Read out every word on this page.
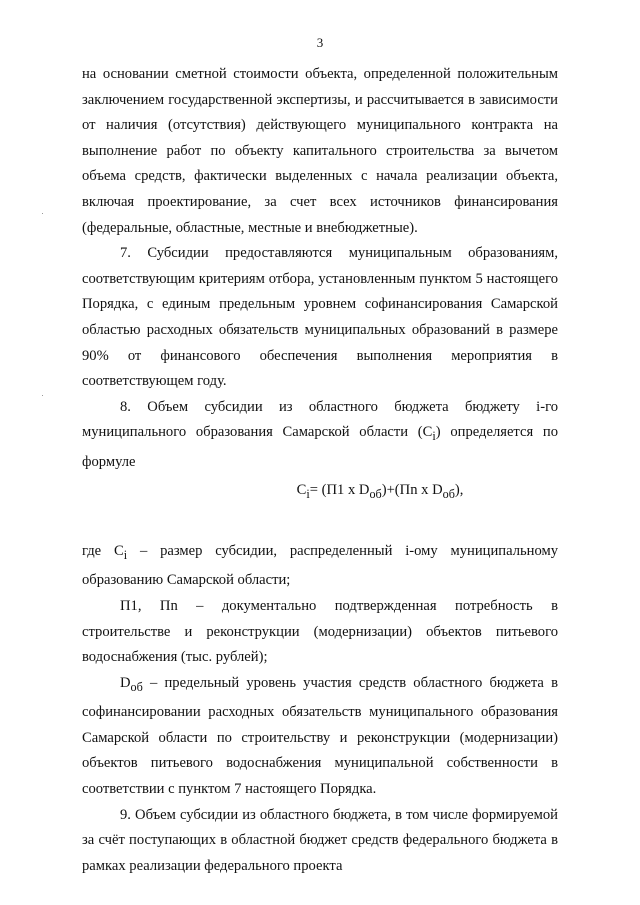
3

на основании сметной стоимости объекта, определенной положительным заключением государственной экспертизы, и рассчитывается в зависимости от наличия (отсутствия) действующего муниципального контракта на выполнение работ по объекту капитального строительства за вычетом объема средств, фактически выделенных с начала реализации объекта, включая проектирование, за счет всех источников финансирования (федеральные, областные, местные и внебюджетные).

7. Субсидии предоставляются муниципальным образованиям, соответствующим критериям отбора, установленным пунктом 5 настоящего Порядка, с единым предельным уровнем софинансирования Самарской областью расходных обязательств муниципальных образований в размере 90% от финансового обеспечения выполнения мероприятия в соответствующем году.

8. Объем субсидии из областного бюджета бюджету i-го муниципального образования Самарской области $(C_i)$ определяется по формуле

$C_i= (П1$ x $D_{об})+(Пn$ x $D_{об}$),

где $C_i$ – размер субсидии, распределенный i-ому муниципальному образованию Самарской области;

П1, Пn – документально подтвержденная потребность в строительстве и реконструкции (модернизации) объектов питьевого водоснабжения (тыс. рублей);

$D_{об}$ – предельный уровень участия средств областного бюджета в софинансировании расходных обязательств муниципального образования Самарской области по строительству и реконструкции (модернизации) объектов питьевого водоснабжения муниципальной собственности в соответствии с пунктом 7 настоящего Порядка.

9. Объем субсидии из областного бюджета, в том числе формируемой за счёт поступающих в областной бюджет средств федерального бюджета в рамках реализации федерального проекта
